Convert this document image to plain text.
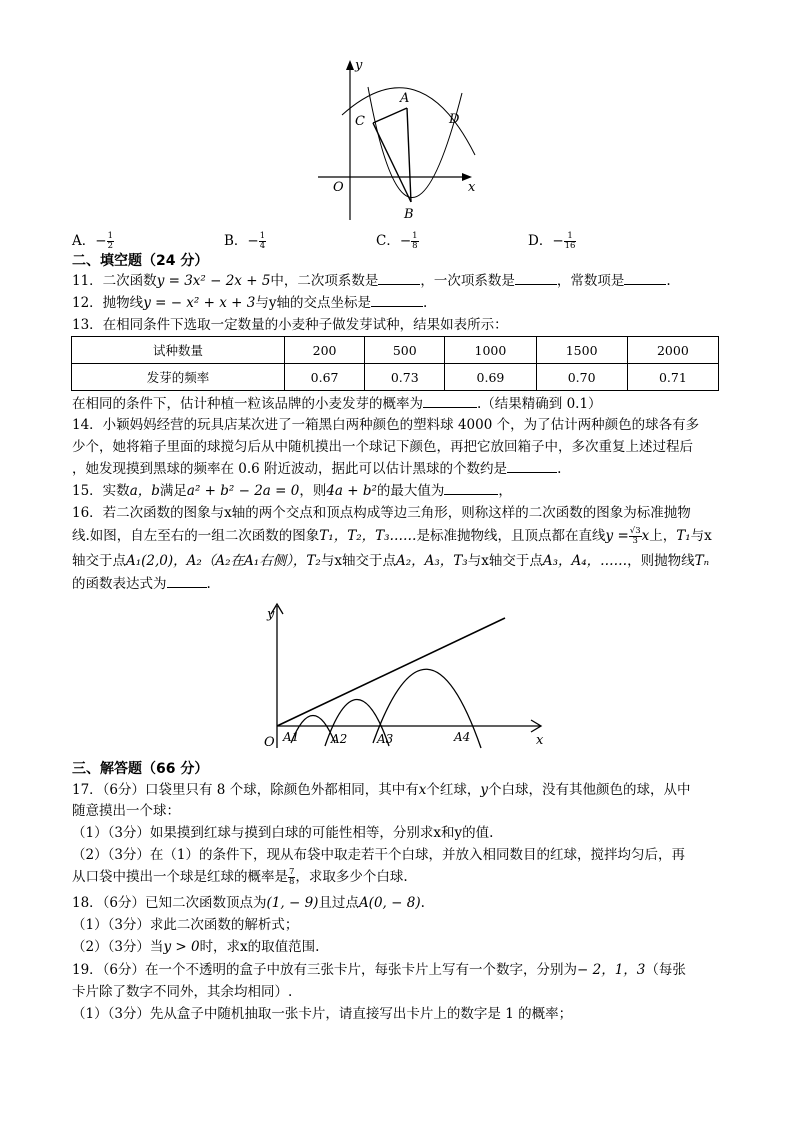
y
x
O
A
B
C	D
A．− $\frac{1}{2}$	B．− $\frac{1}{4}$	C．− $\frac{1}{8}$	D．− $\frac{1}{16}$
二、填空题（24 分）
11．二次函数y = 3x² − 2x + 5中，二次项系数是	，一次项系数是	，常数项是	.
12．抛物线y = − x² + x + 3与y轴的交点坐标是	.
13．在相同条件下选取一定数量的小麦种子做发芽试种，结果如表所示：
试种数量	200	500	1000	1500	2000
发芽的频率	0.67	0.73	0.69	0.70	0.71
在相同的条件下，估计种植一粒该品牌的小麦发芽的概率为	.（结果精确到 0.1）
14．小颖妈妈经营的玩具店某次进了一箱黑白两种颜色的塑料球 4000 个，为了估计两种颜色的球各有多
少个，她将箱子里面的球搅匀后从中随机摸出一个球记下颜色，再把它放回箱子中，多次重复上述过程后
，她发现摸到黑球的频率在 0.6 附近波动，据此可以估计黑球的个数约是	.
15．实数a，b满足a² + b² − 2a = 0，则4a + b²的最大值为	，
16．若二次函数的图象与x轴的两个交点和顶点构成等边三角形，则称这样的二次函数的图象为标准抛物
线.如图，自左至右的一组二次函数的图象T₁，T₂，T₃……是标准抛物线，且顶点都在直线$y = \frac{√3}{3}$ x上，T₁与x
轴交于点A₁(2,0)，A₂（A₂在A₁右侧），T₂与x轴交于点A₂，A₃，T₃与x轴交于点A₃，A₄，……，则抛物线Tₙ
的函数表达式为	.
y
x
O A1	A2 A3	A4
三、解答题（66 分）
17．（6分）口袋里只有 8 个球，除颜色外都相同，其中有x个红球，y个白球，没有其他颜色的球，从中
随意摸出一个球：
（1）（3分）如果摸到红球与摸到白球的可能性相等，分别求x和y的值.
（2）（3分）在（1）的条件下，现从布袋中取走若干个白球，并放入相同数目的红球，搅拌均匀后，再
从口袋中摸出一个球是红球的概率是 $\frac{7}{8}$ ，求取多少个白球.
18．（6分）已知二次函数顶点为(1, − 9)且过点A(0, − 8).
（1）（3分）求此二次函数的解析式；
（2）（3分）当y > 0时，求x的取值范围.
19．（6分）在一个不透明的盒子中放有三张卡片，每张卡片上写有一个数字，分别为− 2，1，3（每张
卡片除了数字不同外，其余均相同）.
（1）（3分）先从盒子中随机抽取一张卡片，请直接写出卡片上的数字是 1 的概率；
